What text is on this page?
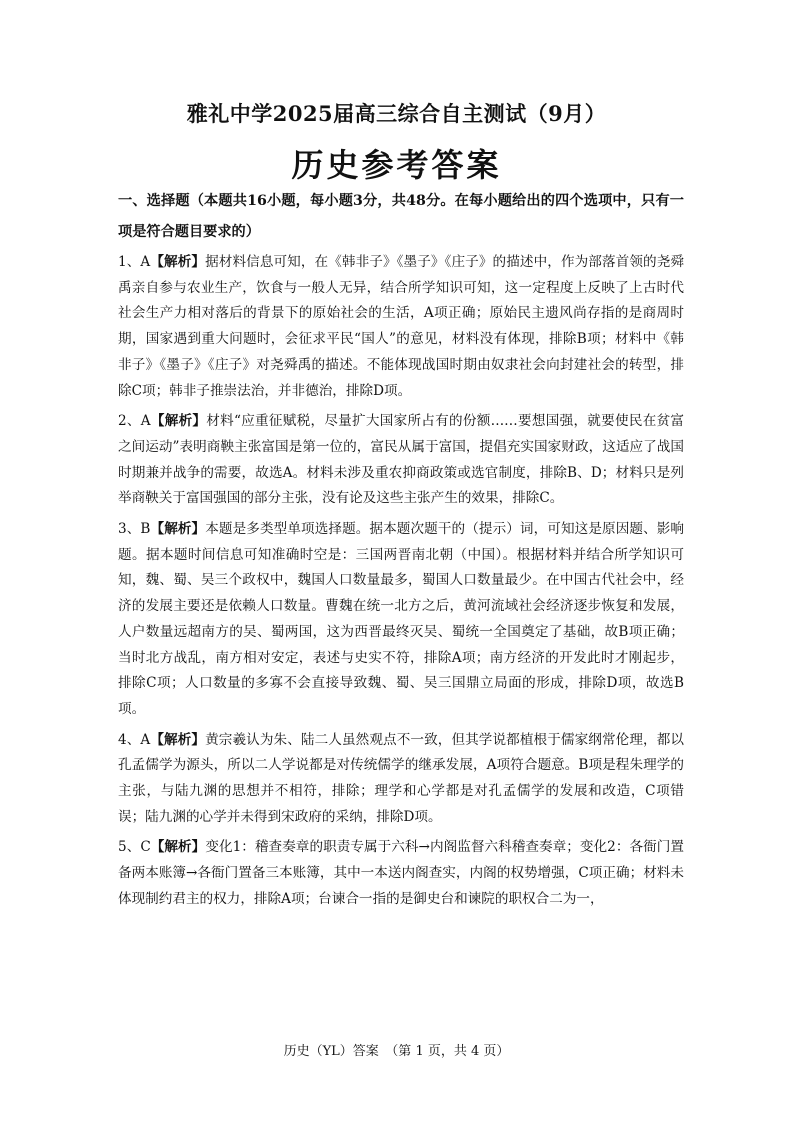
雅礼中学2025届高三综合自主测试（9月）
历史参考答案
一、选择题（本题共16小题，每小题3分，共48分。在每小题给出的四个选项中，只有一项是符合题目要求的）

1、A【解析】据材料信息可知，在《韩非子》《墨子》《庄子》的描述中，作为部落首领的尧舜禹亲自参与农业生产，饮食与一般人无异，结合所学知识可知，这一定程度上反映了上古时代社会生产力相对落后的背景下的原始社会的生活，A项正确；原始民主遗风尚存指的是商周时期，国家遇到重大问题时，会征求平民“国人”的意见，材料没有体现，排除B项；材料中《韩非子》《墨子》《庄子》对尧舜禹的描述。不能体现战国时期由奴隶社会向封建社会的转型，排除C项；韩非子推崇法治，并非德治，排除D项。

2、A【解析】材料“应重征赋税，尽量扩大国家所占有的份额……要想国强，就要使民在贫富之间运动”表明商鞅主张富国是第一位的，富民从属于富国，提倡充实国家财政，这适应了战国时期兼并战争的需要，故选A。材料未涉及重农抑商政策或选官制度，排除B、D；材料只是列举商鞅关于富国强国的部分主张，没有论及这些主张产生的效果，排除C。

3、B【解析】本题是多类型单项选择题。据本题次题干的（提示）词，可知这是原因题、影响题。据本题时间信息可知准确时空是：三国两晋南北朝（中国）。根据材料并结合所学知识可知，魏、蜀、吴三个政权中，魏国人口数量最多，蜀国人口数量最少。在中国古代社会中，经济的发展主要还是依赖人口数量。曹魏在统一北方之后，黄河流域社会经济逐步恢复和发展，人户数量远超南方的吴、蜀两国，这为西晋最终灭吴、蜀统一全国奠定了基础，故B项正确；当时北方战乱，南方相对安定，表述与史实不符，排除A项；南方经济的开发此时才刚起步，排除C项；人口数量的多寡不会直接导致魏、蜀、吴三国鼎立局面的形成，排除D项，故选B项。

4、A【解析】黄宗羲认为朱、陆二人虽然观点不一致，但其学说都植根于儒家纲常伦理，都以孔孟儒学为源头，所以二人学说都是对传统儒学的继承发展，A项符合题意。B项是程朱理学的主张，与陆九渊的思想并不相符，排除；理学和心学都是对孔孟儒学的发展和改造，C项错误；陆九渊的心学并未得到宋政府的采纳，排除D项。

5、C【解析】变化1：稽查奏章的职责专属于六科→内阁监督六科稽查奏章；变化2：各衙门置备两本账簿→各衙门置备三本账簿，其中一本送内阁查实，内阁的权势增强，C项正确；材料未体现制约君主的权力，排除A项；台谏合一指的是御史台和谏院的职权合二为一，

历史（YL）答案　（第 1 页，共 4 页）
